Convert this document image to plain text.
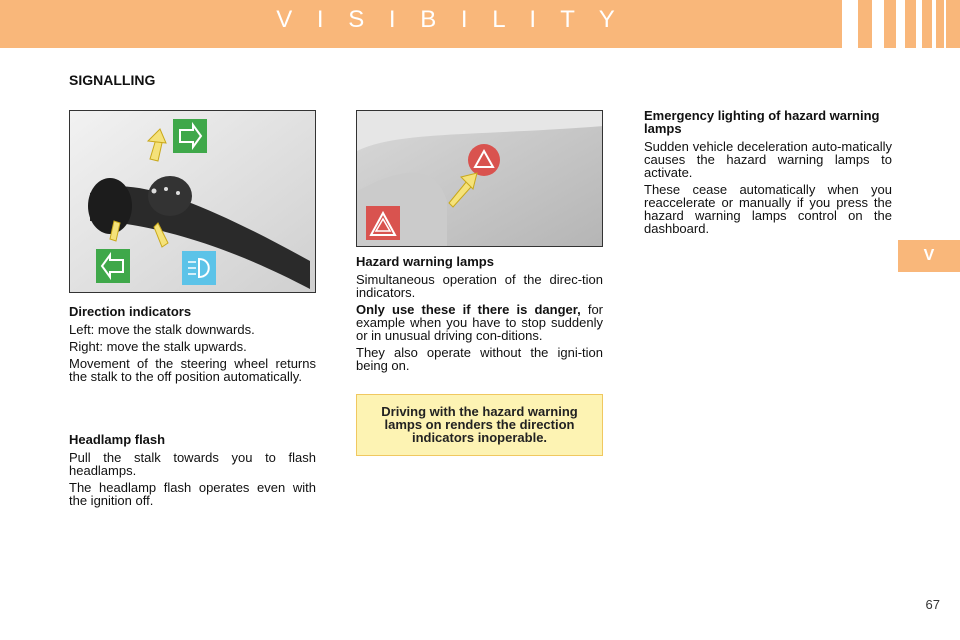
V I S I B I L I T Y
SIGNALLING

Direction indicators

Left: move the stalk downwards.

Right: move the stalk upwards.

Movement of the steering wheel returns the stalk to the off position automatically.

Headlamp flash

Pull the stalk towards you to flash headlamps.

The headlamp flash operates even with the ignition off.

Hazard warning lamps

Simultaneous operation of the direc-tion indicators.

Only use these if there is danger, for example when you have to stop suddenly or in unusual driving con-ditions.

They also operate without the igni-tion being on.

Driving with the hazard warning lamps on renders the direction indicators inoperable.

Emergency lighting of hazard warning lamps

Sudden vehicle deceleration auto-matically causes the hazard warning lamps to activate.

These cease automatically when you reaccelerate or manually if you press the hazard warning lamps control on the dashboard.

V
67
